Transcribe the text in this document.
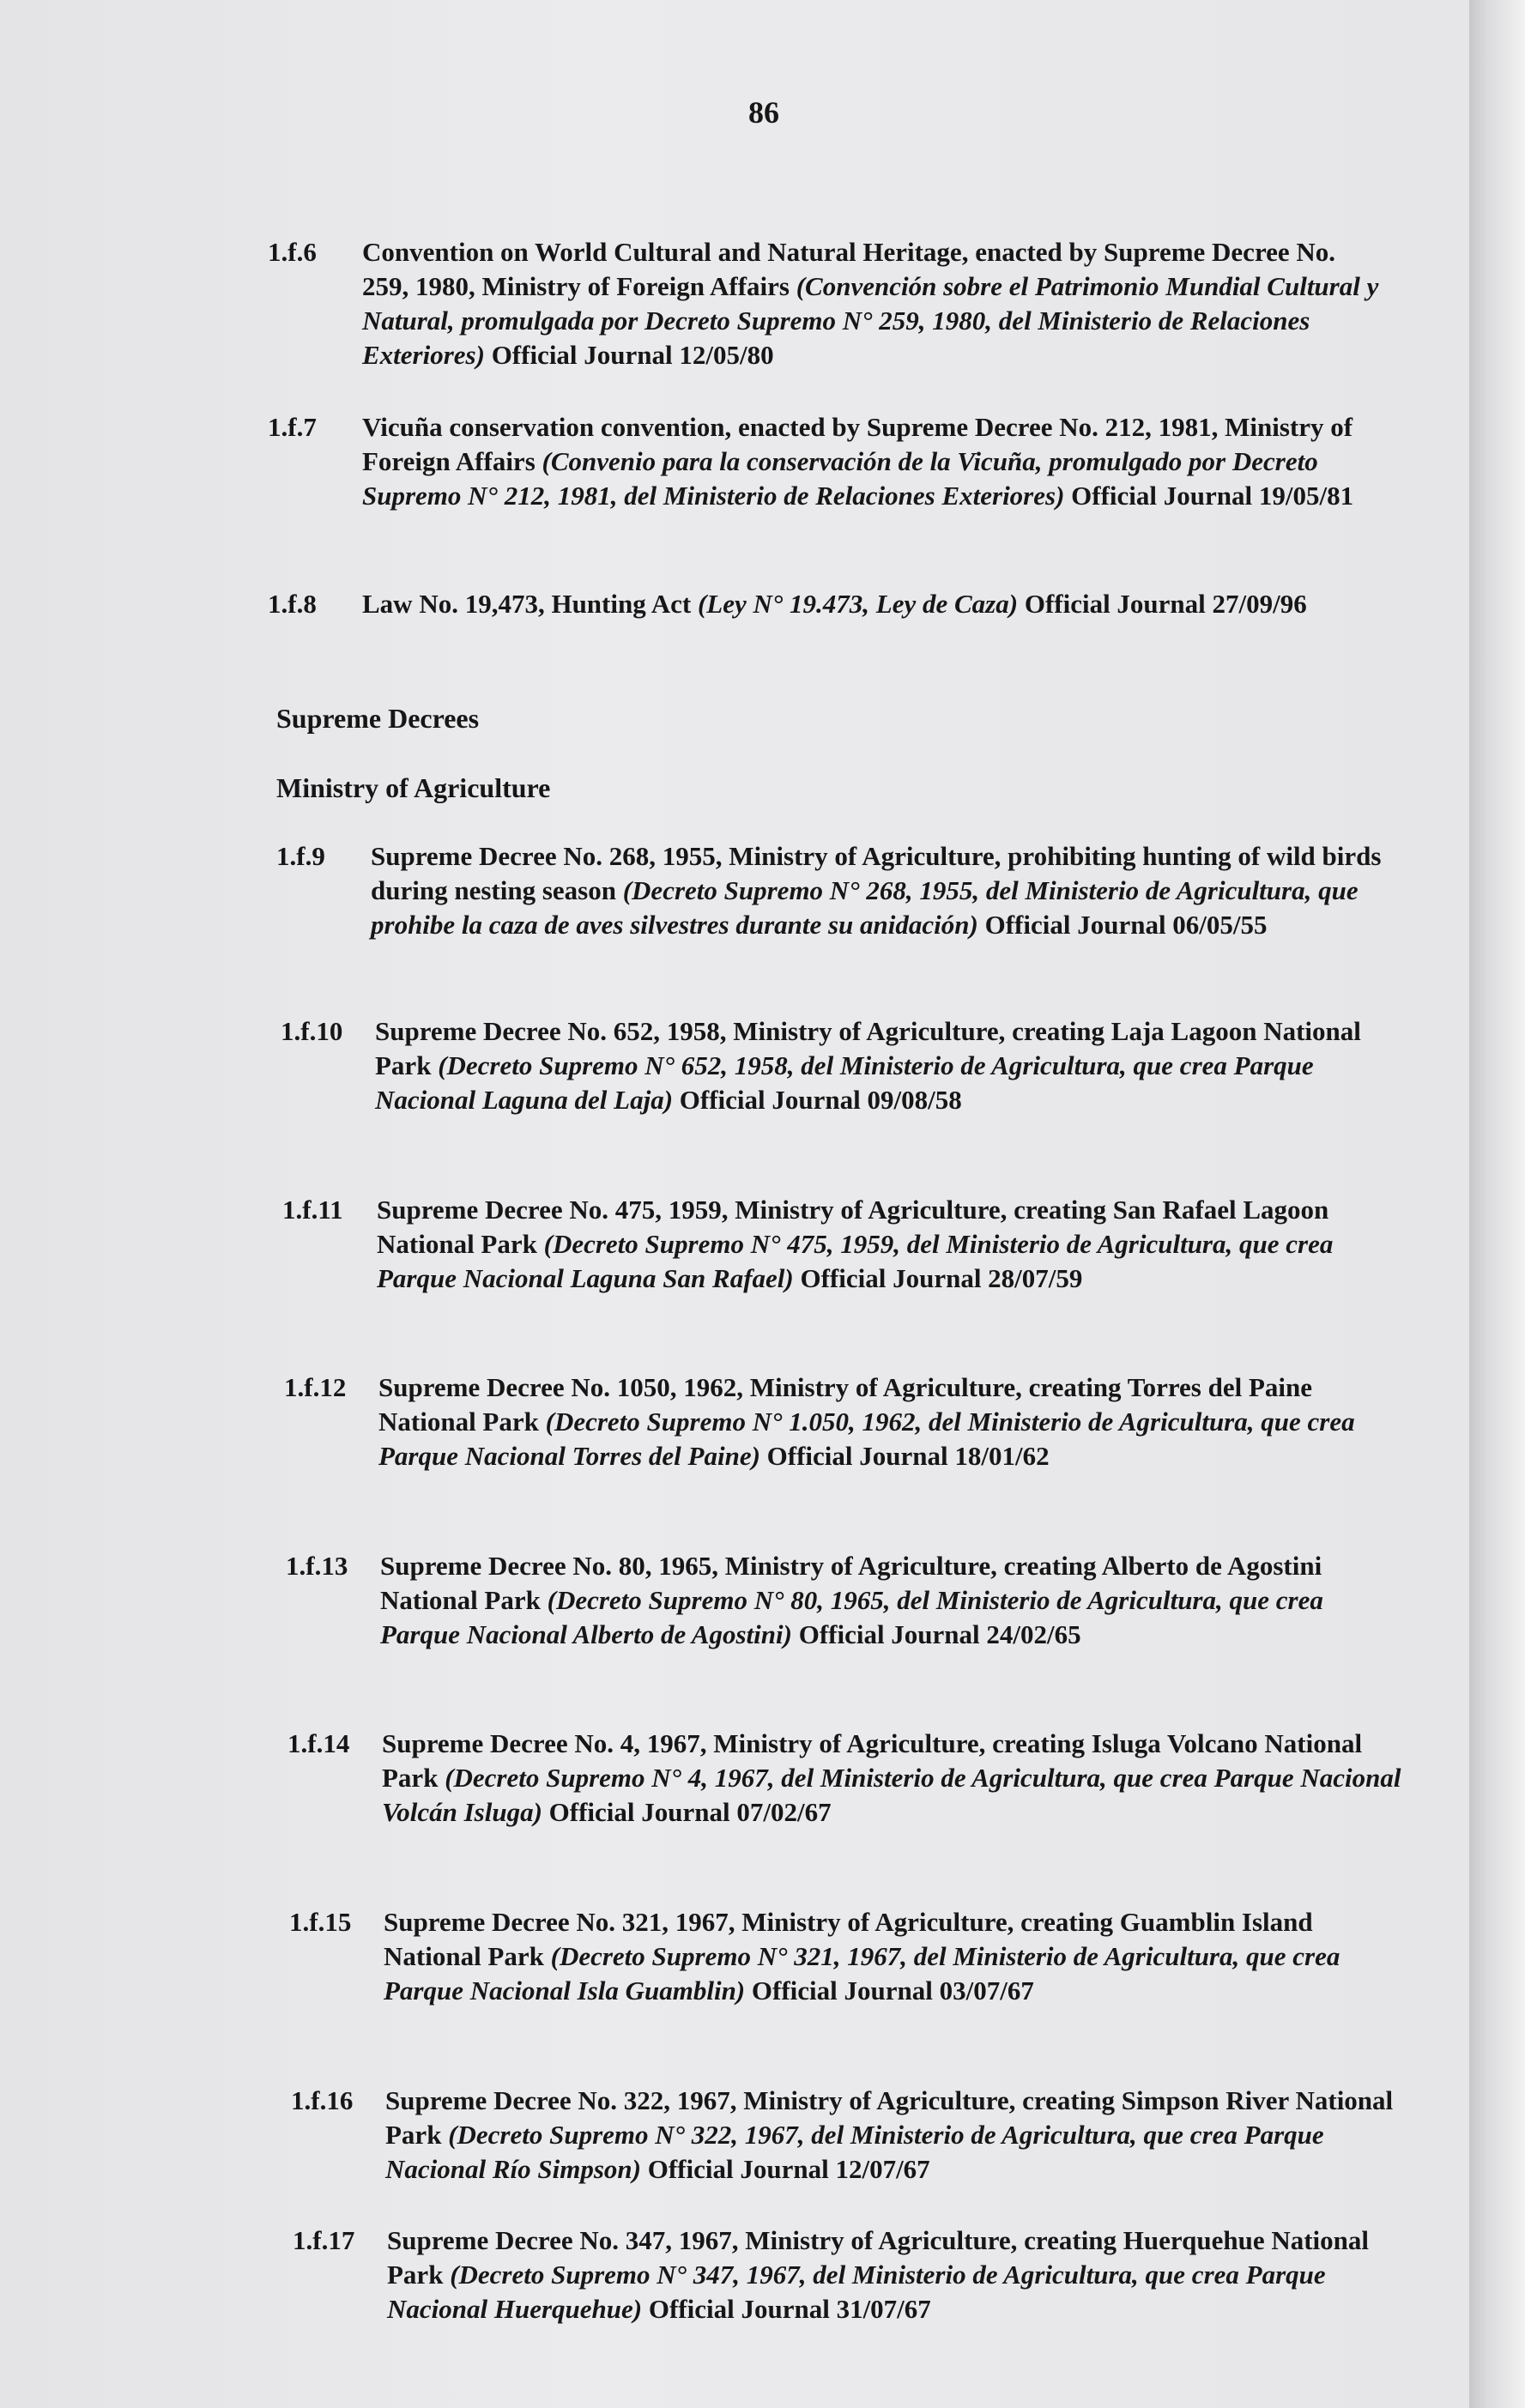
86
1.f.6	Convention on World Cultural and Natural Heritage, enacted by Supreme Decree No. 259, 1980, Ministry of Foreign Affairs (Convención sobre el Patrimonio Mundial Cultural y Natural, promulgada por Decreto Supremo N° 259, 1980, del Ministerio de Relaciones Exteriores) Official Journal 12/05/80
1.f.7	Vicuña conservation convention, enacted by Supreme Decree No. 212, 1981, Ministry of Foreign Affairs (Convenio para la conservación de la Vicuña, promulgado por Decreto Supremo N° 212, 1981, del Ministerio de Relaciones Exteriores) Official Journal 19/05/81
1.f.8	Law No. 19,473, Hunting Act (Ley N° 19.473, Ley de Caza) Official Journal 27/09/96
Supreme Decrees
Ministry of Agriculture
1.f.9	Supreme Decree No. 268, 1955, Ministry of Agriculture, prohibiting hunting of wild birds during nesting season (Decreto Supremo N° 268, 1955, del Ministerio de Agricultura, que prohibe la caza de aves silvestres durante su anidación) Official Journal 06/05/55
1.f.10	Supreme Decree No. 652, 1958, Ministry of Agriculture, creating Laja Lagoon National Park (Decreto Supremo N° 652, 1958, del Ministerio de Agricultura, que crea Parque Nacional Laguna del Laja) Official Journal 09/08/58
1.f.11	Supreme Decree No. 475, 1959, Ministry of Agriculture, creating San Rafael Lagoon National Park (Decreto Supremo N° 475, 1959, del Ministerio de Agricultura, que crea Parque Nacional Laguna San Rafael) Official Journal 28/07/59
1.f.12	Supreme Decree No. 1050, 1962, Ministry of Agriculture, creating Torres del Paine National Park (Decreto Supremo N° 1.050, 1962, del Ministerio de Agricultura, que crea Parque Nacional Torres del Paine) Official Journal 18/01/62
1.f.13	Supreme Decree No. 80, 1965, Ministry of Agriculture, creating Alberto de Agostini National Park (Decreto Supremo N° 80, 1965, del Ministerio de Agricultura, que crea Parque Nacional Alberto de Agostini) Official Journal 24/02/65
1.f.14	Supreme Decree No. 4, 1967, Ministry of Agriculture, creating Isluga Volcano National Park (Decreto Supremo N° 4, 1967, del Ministerio de Agricultura, que crea Parque Nacional Volcán Isluga) Official Journal 07/02/67
1.f.15	Supreme Decree No. 321, 1967, Ministry of Agriculture, creating Guamblin Island National Park (Decreto Supremo N° 321, 1967, del Ministerio de Agricultura, que crea Parque Nacional Isla Guamblin) Official Journal 03/07/67
1.f.16	Supreme Decree No. 322, 1967, Ministry of Agriculture, creating Simpson River National Park (Decreto Supremo N° 322, 1967, del Ministerio de Agricultura, que crea Parque Nacional Río Simpson) Official Journal 12/07/67
1.f.17	Supreme Decree No. 347, 1967, Ministry of Agriculture, creating Huerquehue National Park (Decreto Supremo N° 347, 1967, del Ministerio de Agricultura, que crea Parque Nacional Huerquehue) Official Journal 31/07/67
